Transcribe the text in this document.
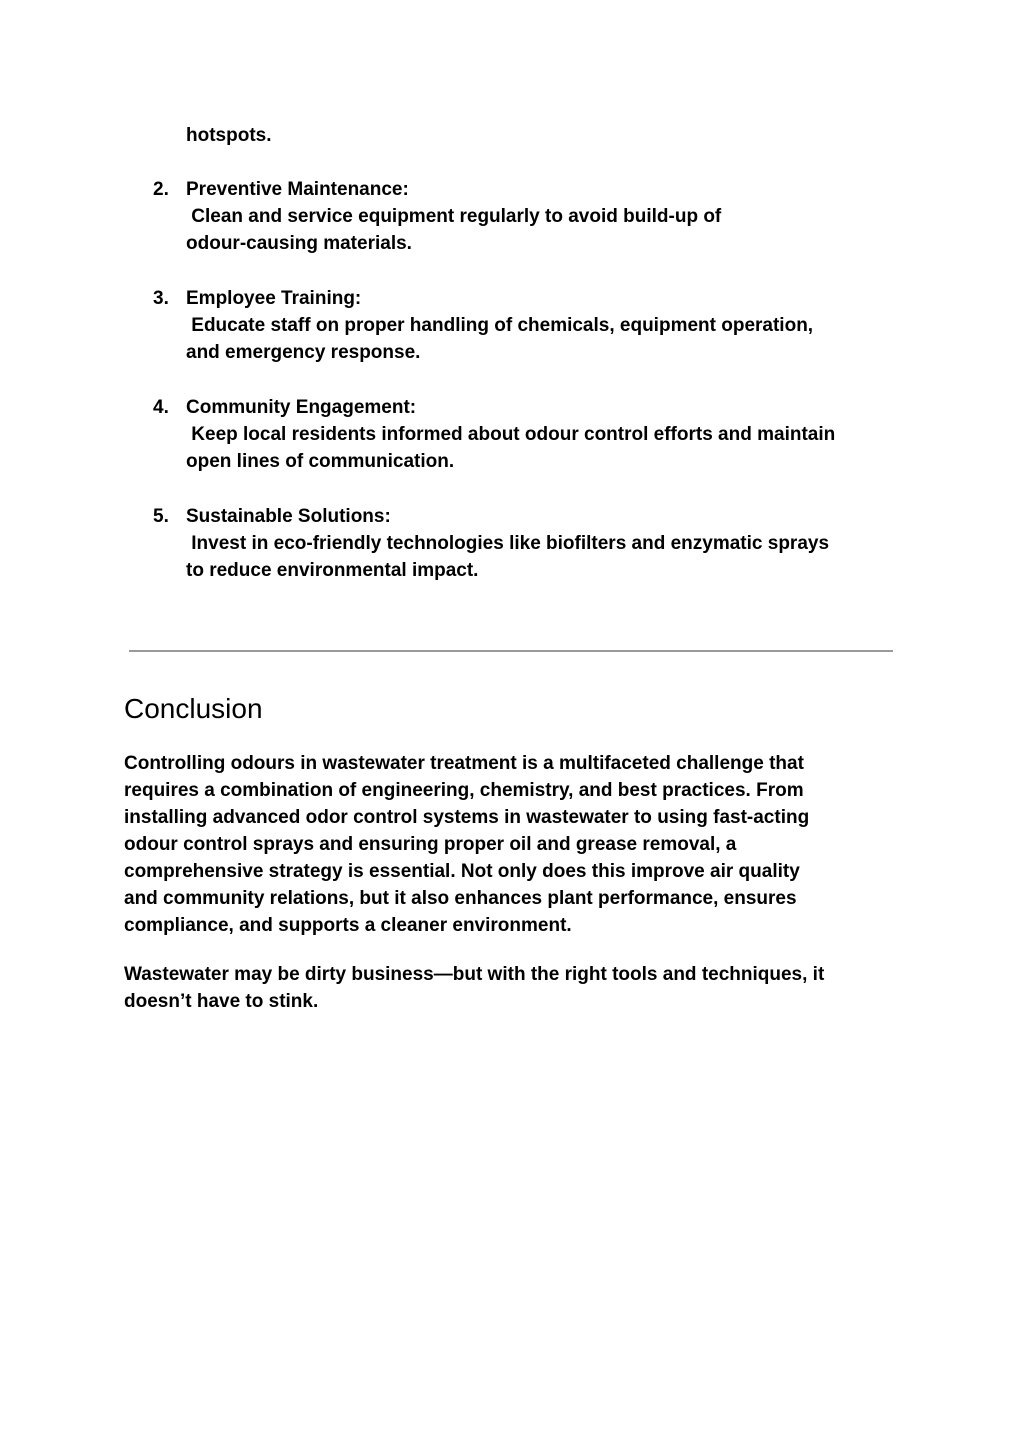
hotspots.
2. Preventive Maintenance:
Clean and service equipment regularly to avoid build-up of
odour-causing materials.
3. Employee Training:
Educate staff on proper handling of chemicals, equipment operation,
and emergency response.
4. Community Engagement:
Keep local residents informed about odour control efforts and maintain
open lines of communication.
5. Sustainable Solutions:
Invest in eco-friendly technologies like biofilters and enzymatic sprays
to reduce environmental impact.
Conclusion
Controlling odours in wastewater treatment is a multifaceted challenge that
requires a combination of engineering, chemistry, and best practices. From
installing advanced odor control systems in wastewater to using fast-acting
odour control sprays and ensuring proper oil and grease removal, a
comprehensive strategy is essential. Not only does this improve air quality
and community relations, but it also enhances plant performance, ensures
compliance, and supports a cleaner environment.
Wastewater may be dirty business—but with the right tools and techniques, it
doesn’t have to stink.
